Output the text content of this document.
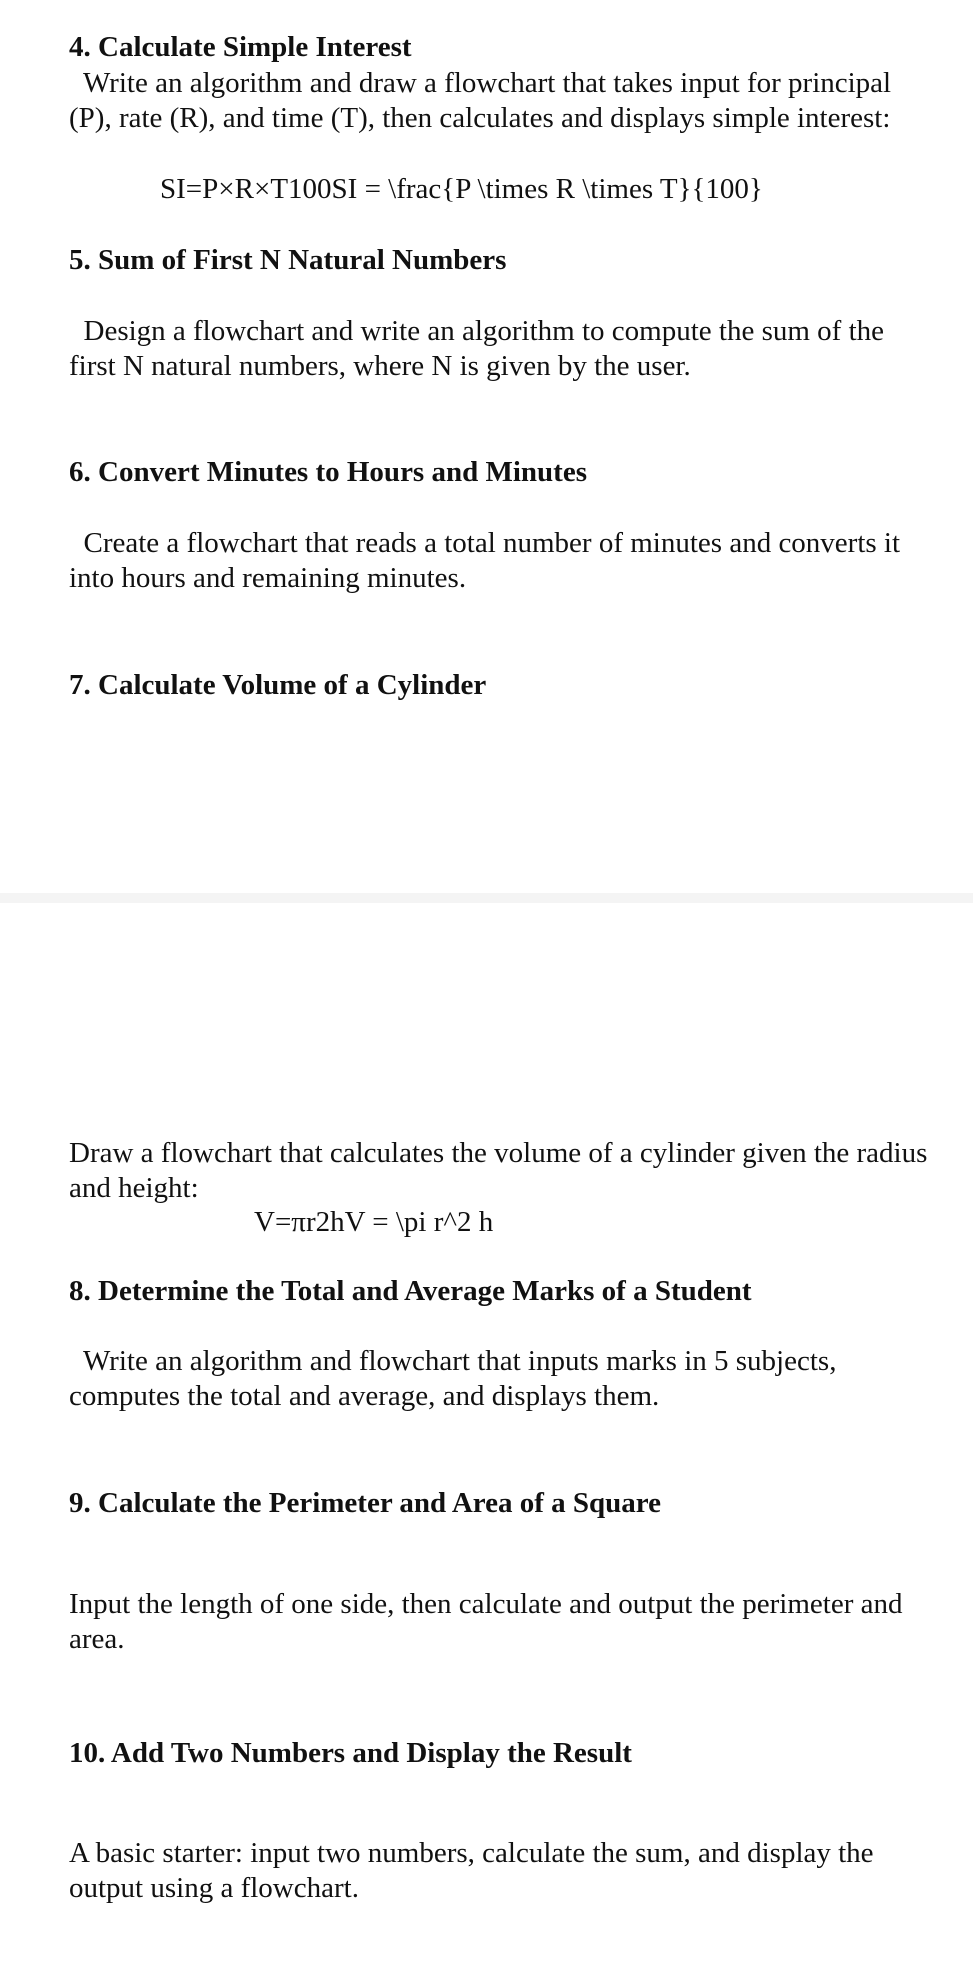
4. Calculate Simple Interest
Write an algorithm and draw a flowchart that takes input for principal
(P), rate (R), and time (T), then calculates and displays simple interest:
SI=P×R×T100SI = \frac{P \times R \times T}{100}
5. Sum of First N Natural Numbers
Design a flowchart and write an algorithm to compute the sum of the
first N natural numbers, where N is given by the user.
6. Convert Minutes to Hours and Minutes
Create a flowchart that reads a total number of minutes and converts it
into hours and remaining minutes.
7. Calculate Volume of a Cylinder
Draw a flowchart that calculates the volume of a cylinder given the radius
and height:
V=πr2hV = \pi r^2 h
8. Determine the Total and Average Marks of a Student
Write an algorithm and flowchart that inputs marks in 5 subjects,
computes the total and average, and displays them.
9. Calculate the Perimeter and Area of a Square
Input the length of one side, then calculate and output the perimeter and
area.
10. Add Two Numbers and Display the Result
A basic starter: input two numbers, calculate the sum, and display the
output using a flowchart.
